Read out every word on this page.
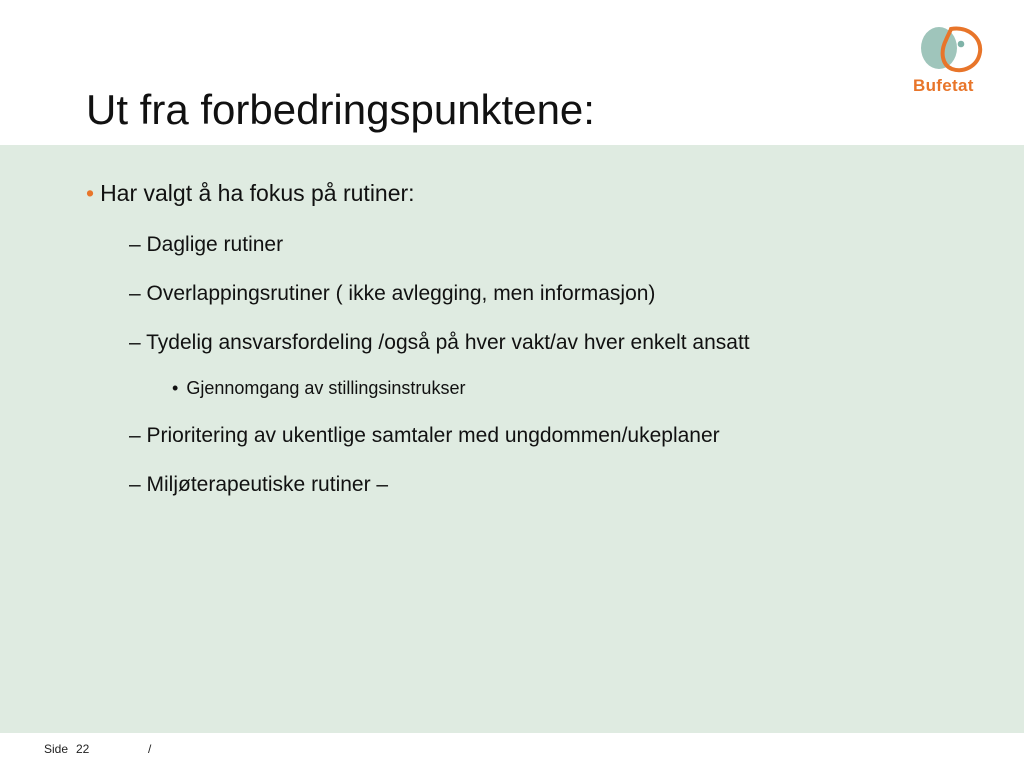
Ut fra forbedringspunktene:
Bufetat
• Har valgt å ha fokus på rutiner:
– Daglige rutiner
– Overlappingsrutiner ( ikke avlegging, men informasjon)
– Tydelig ansvarsfordeling /også på hver vakt/av hver enkelt ansatt
• Gjennomgang av stillingsinstrukser
– Prioritering av ukentlige samtaler med ungdommen/ukeplaner
– Miljøterapeutiske rutiner –
Side 22	/
